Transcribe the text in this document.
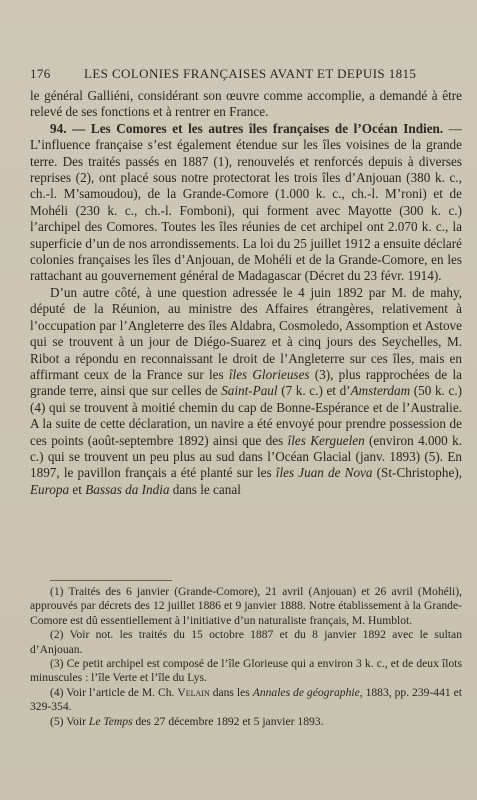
176	LES COLONIES FRANÇAISES AVANT ET DEPUIS 1815

le général Galliéni, considérant son œuvre comme accomplie, a demandé à être relevé de ses fonctions et à rentrer en France.

94. — Les Comores et les autres îles françaises de l’Océan Indien. — L’influence française s’est également étendue sur les îles voisines de la grande terre. Des traités passés en 1887 (1), renouvelés et renforcés depuis à diverses reprises (2), ont placé sous notre protectorat les trois îles d’Anjouan (380 k. c., ch.-l. M’samoudou), de la Grande-Comore (1.000 k. c., ch.-l. M’roni) et de Mohéli (230 k. c., ch.-l. Fomboni), qui forment avec Mayotte (300 k. c.) l’archipel des Comores. Toutes les îles réunies de cet archipel ont 2.070 k. c., la superficie d’un de nos arrondissements. La loi du 25 juillet 1912 a ensuite déclaré colonies françaises les îles d’Anjouan, de Mohéli et de la Grande-Comore, en les rattachant au gouvernement général de Madagascar (Décret du 23 févr. 1914).

D’un autre côté, à une question adressée le 4 juin 1892 par M. de mahy, député de la Réunion, au ministre des Affaires étrangères, relativement à l’occupation par l’Angleterre des îles Aldabra, Cosmoledo, Assomption et Astove qui se trouvent à un jour de Diégo-Suarez et à cinq jours des Seychelles, M. Ribot a répondu en reconnaissant le droit de l’Angleterre sur ces îles, mais en affirmant ceux de la France sur les îles Glorieuses (3), plus rapprochées de la grande terre, ainsi que sur celles de Saint-Paul (7 k. c.) et d’Amsterdam (50 k. c.) (4) qui se trouvent à moitié chemin du cap de Bonne-Espérance et de l’Australie. A la suite de cette déclaration, un navire a été envoyé pour prendre possession de ces points (août-septembre 1892) ainsi que des îles Kerguelen (environ 4.000 k. c.) qui se trouvent un peu plus au sud dans l’Océan Glacial (janv. 1893) (5). En 1897, le pavillon français a été planté sur les îles Juan de Nova (St-Christophe), Europa et Bassas da India dans le canal

(1) Traités des 6 janvier (Grande-Comore), 21 avril (Anjouan) et 26 avril (Mohéli), approuvés par décrets des 12 juillet 1886 et 9 janvier 1888. Notre établissement à la Grande-Comore est dû essentiellement à l’initiative d’un naturaliste français, M. Humblot.

(2) Voir not. les traités du 15 octobre 1887 et du 8 janvier 1892 avec le sultan d’Anjouan.

(3) Ce petit archipel est composé de l’île Glorieuse qui a environ 3 k. c., et de deux îlots minuscules : l’île Verte et l’île du Lys.

(4) Voir l’article de M. Ch. Velain dans les Annales de géographie, 1883, pp. 239-441 et 329-354.

(5) Voir Le Temps des 27 décembre 1892 et 5 janvier 1893.
